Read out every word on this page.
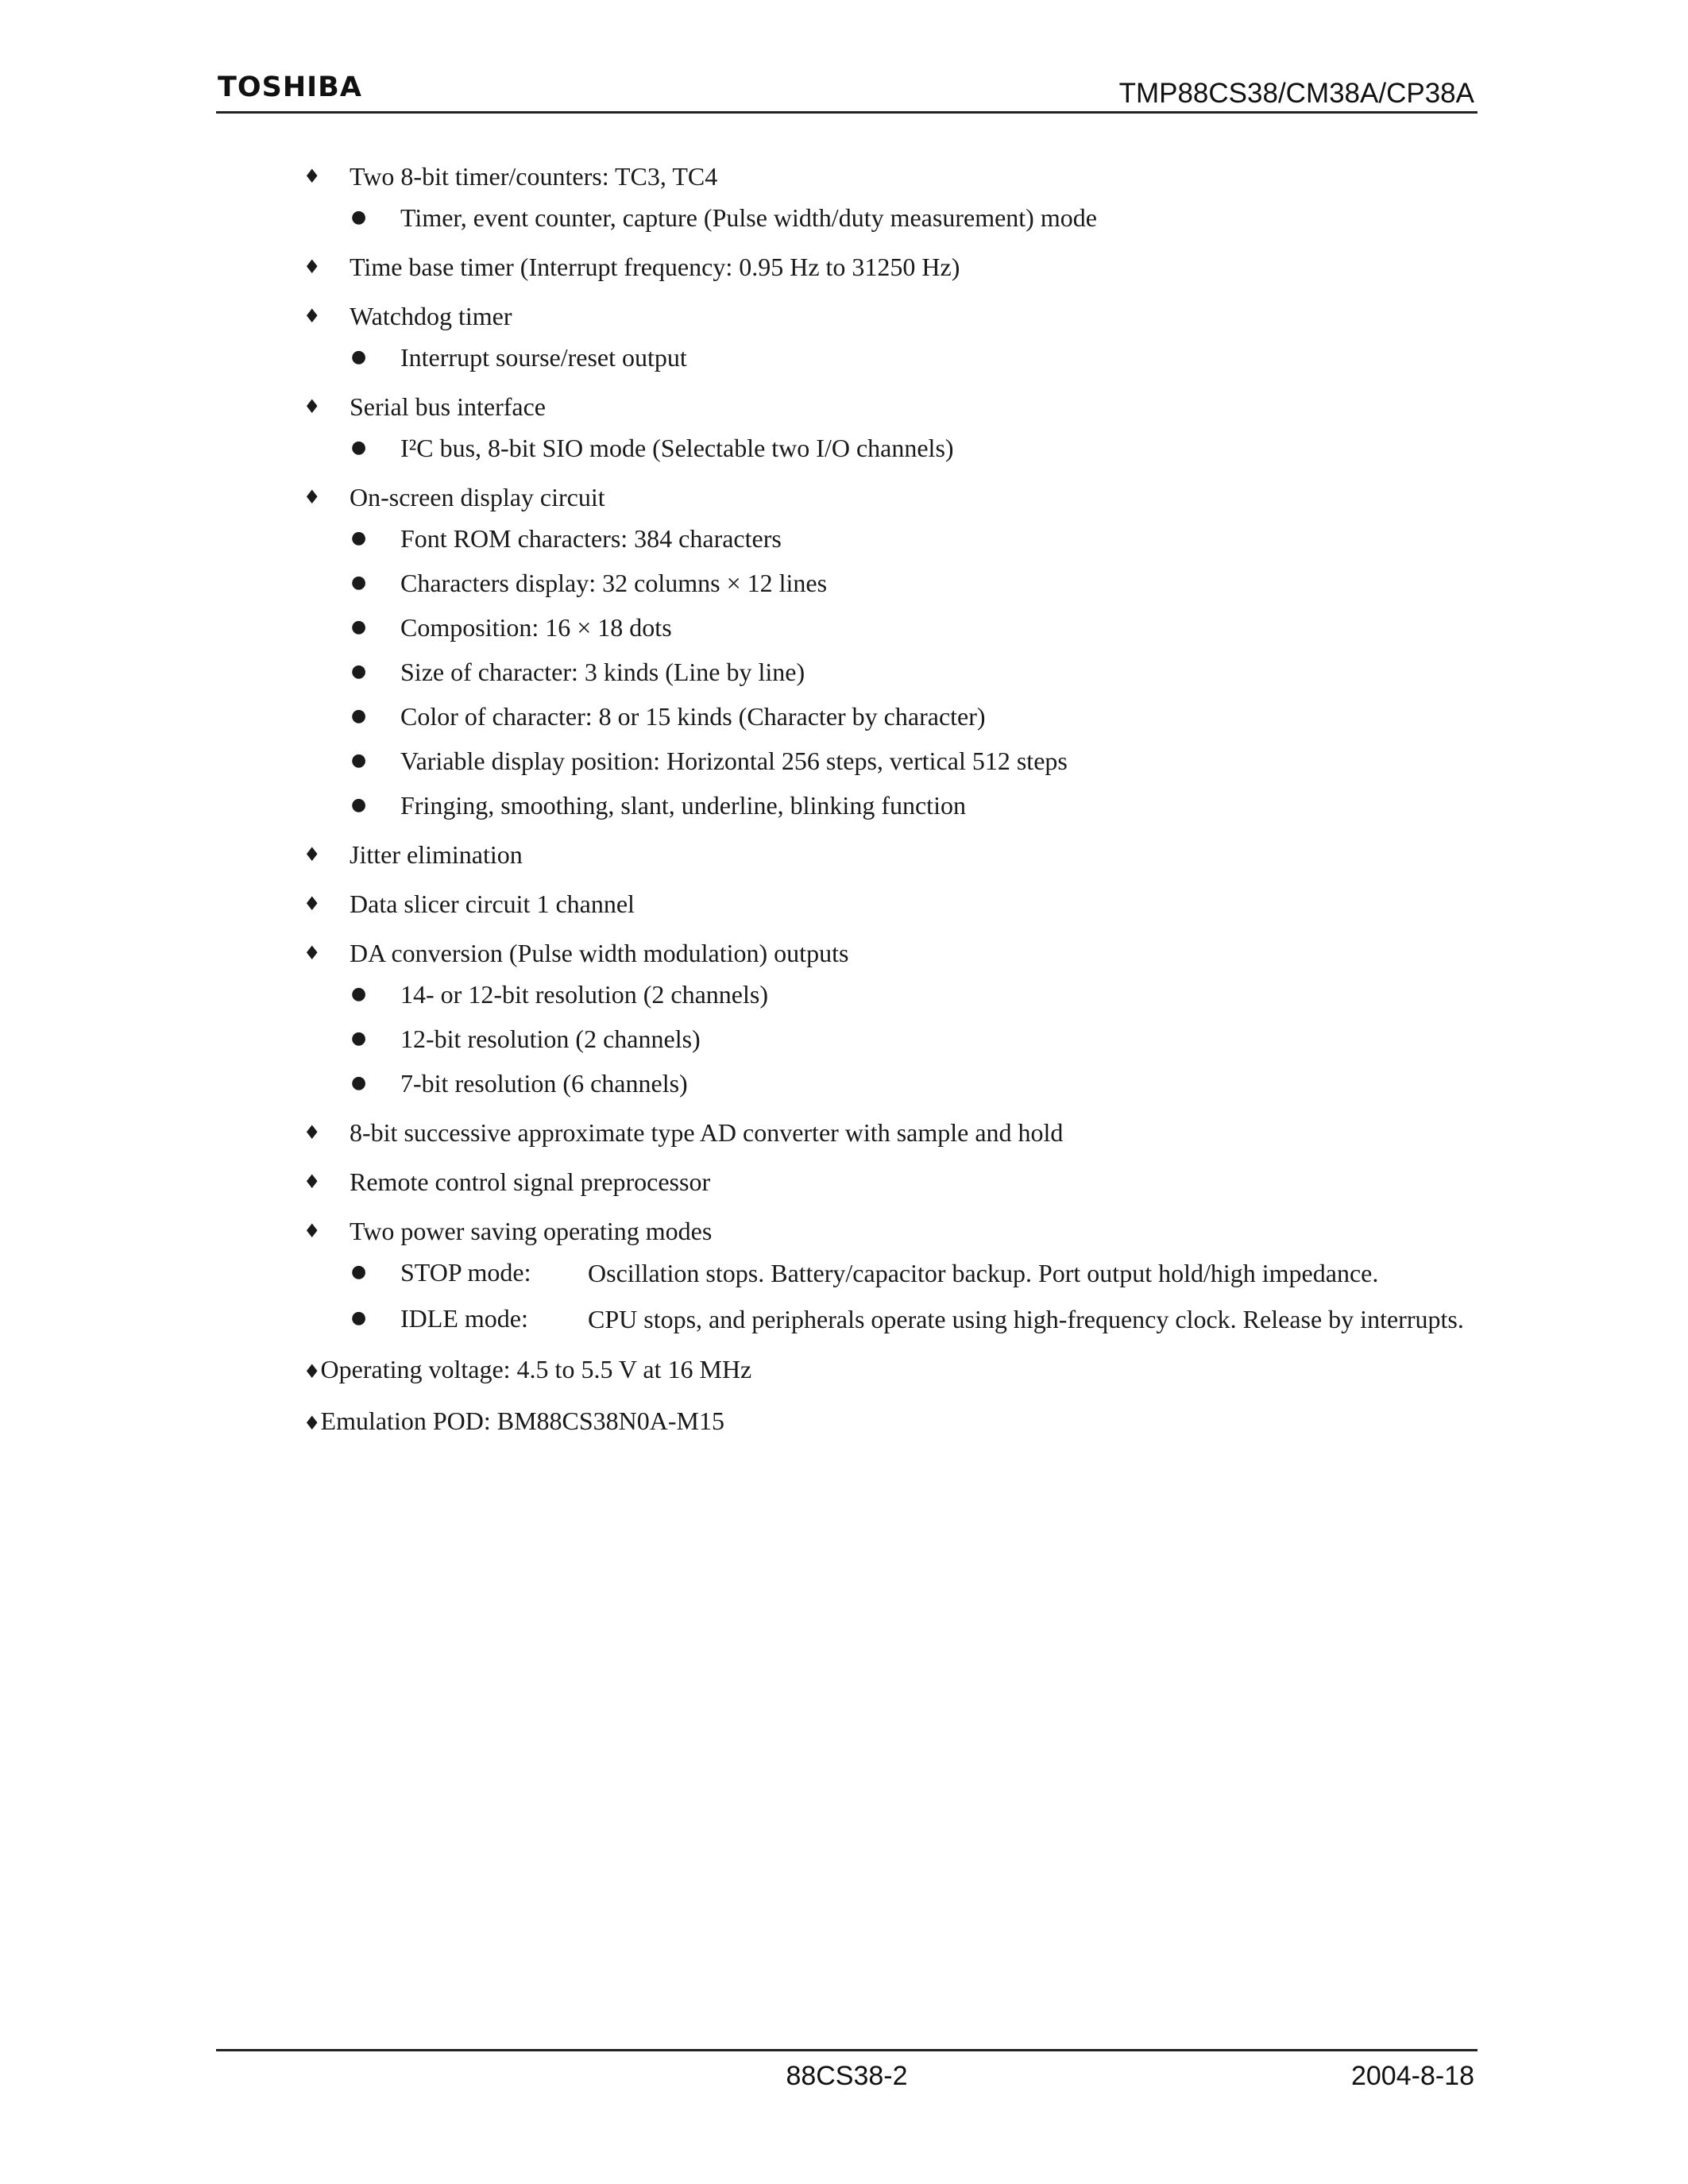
TOSHIBA	TMP88CS38/CM38A/CP38A
♦ Two 8-bit timer/counters: TC3, TC4
● Timer, event counter, capture (Pulse width/duty measurement) mode
♦ Time base timer (Interrupt frequency: 0.95 Hz to 31250 Hz)
♦ Watchdog timer
● Interrupt sourse/reset output
♦ Serial bus interface
● I²C bus, 8-bit SIO mode (Selectable two I/O channels)
♦ On-screen display circuit
● Font ROM characters: 384 characters
● Characters display: 32 columns × 12 lines
● Composition: 16 × 18 dots
● Size of character: 3 kinds (Line by line)
● Color of character: 8 or 15 kinds (Character by character)
● Variable display position: Horizontal 256 steps, vertical 512 steps
● Fringing, smoothing, slant, underline, blinking function
♦ Jitter elimination
♦ Data slicer circuit 1 channel
♦ DA conversion (Pulse width modulation) outputs
● 14- or 12-bit resolution (2 channels)
● 12-bit resolution (2 channels)
● 7-bit resolution (6 channels)
♦ 8-bit successive approximate type AD converter with sample and hold
♦ Remote control signal preprocessor
♦ Two power saving operating modes
● STOP mode:	Oscillation stops. Battery/capacitor backup. Port output hold/high impedance.
● IDLE mode:	CPU stops, and peripherals operate using high-frequency clock. Release by interrupts.
♦Operating voltage: 4.5 to 5.5 V at 16 MHz
♦Emulation POD: BM88CS38N0A-M15
88CS38-2	2004-8-18
